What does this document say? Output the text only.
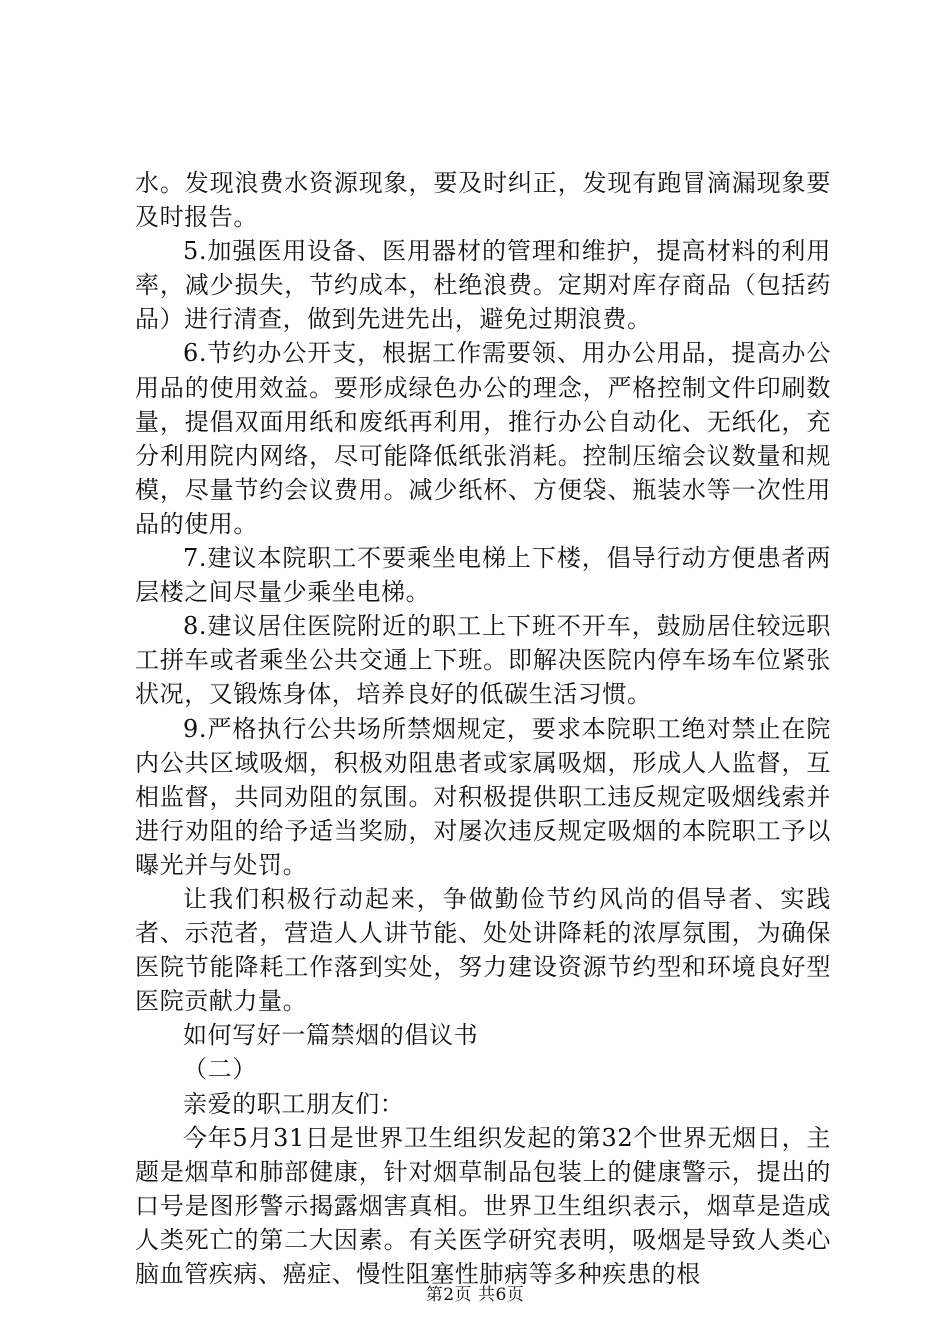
水。发现浪费水资源现象，要及时纠正，发现有跑冒滴漏现象要及时报告。

5.加强医用设备、医用器材的管理和维护，提高材料的利用率，减少损失，节约成本，杜绝浪费。定期对库存商品（包括药品）进行清查，做到先进先出，避免过期浪费。

6.节约办公开支，根据工作需要领、用办公用品，提高办公用品的使用效益。要形成绿色办公的理念，严格控制文件印刷数量，提倡双面用纸和废纸再利用，推行办公自动化、无纸化，充分利用院内网络，尽可能降低纸张消耗。控制压缩会议数量和规模，尽量节约会议费用。减少纸杯、方便袋、瓶装水等一次性用品的使用。

7.建议本院职工不要乘坐电梯上下楼，倡导行动方便患者两层楼之间尽量少乘坐电梯。

8.建议居住医院附近的职工上下班不开车，鼓励居住较远职工拼车或者乘坐公共交通上下班。即解决医院内停车场车位紧张状况，又锻炼身体，培养良好的低碳生活习惯。

9.严格执行公共场所禁烟规定，要求本院职工绝对禁止在院内公共区域吸烟，积极劝阻患者或家属吸烟，形成人人监督，互相监督，共同劝阻的氛围。对积极提供职工违反规定吸烟线索并进行劝阻的给予适当奖励，对屡次违反规定吸烟的本院职工予以曝光并与处罚。

让我们积极行动起来，争做勤俭节约风尚的倡导者、实践者、示范者，营造人人讲节能、处处讲降耗的浓厚氛围，为确保医院节能降耗工作落到实处，努力建设资源节约型和环境良好型医院贡献力量。

如何写好一篇禁烟的倡议书

（二）

亲爱的职工朋友们：

今年5月31日是世界卫生组织发起的第32个世界无烟日，主题是烟草和肺部健康，针对烟草制品包装上的健康警示，提出的口号是图形警示揭露烟害真相。世界卫生组织表示，烟草是造成人类死亡的第二大因素。有关医学研究表明，吸烟是导致人类心脑血管疾病、癌症、慢性阻塞性肺病等多种疾患的根

第2页 共6页
